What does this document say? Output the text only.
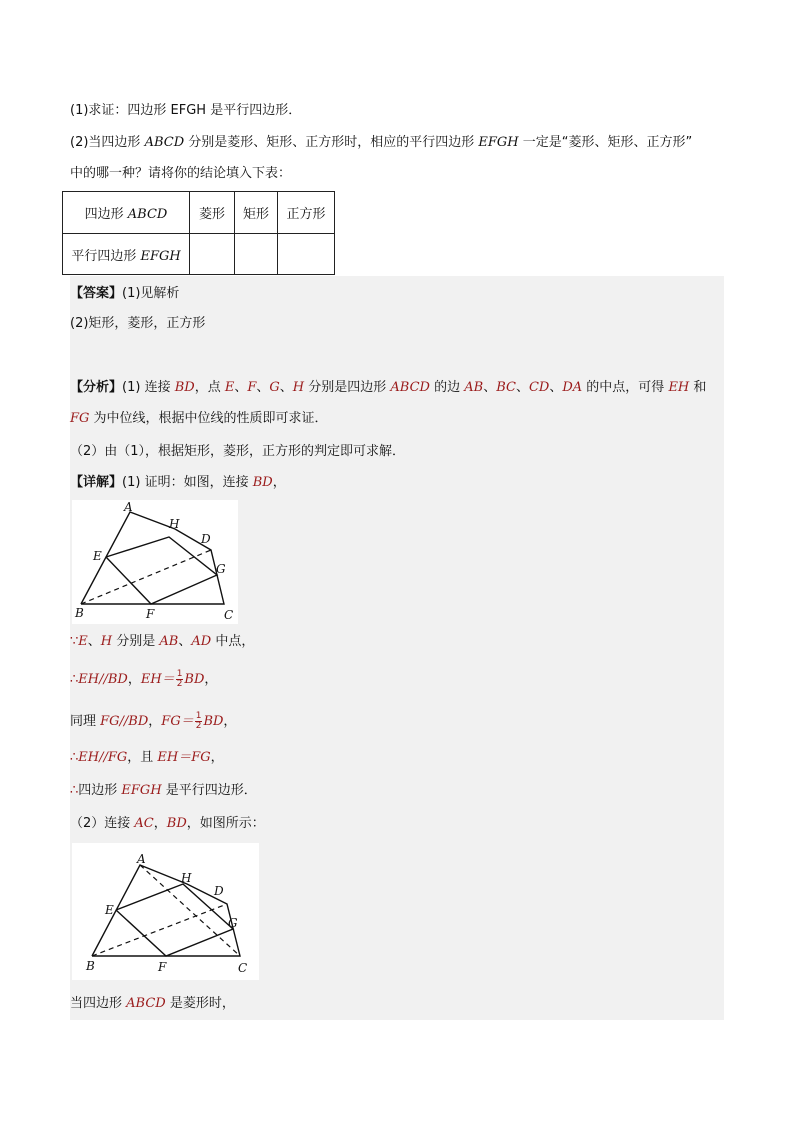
(1)求证：四边形 EFGH 是平行四边形．
(2)当四边形 ABCD 分别是菱形、矩形、正方形时，相应的平行四边形 EFGH 一定是“菱形、矩形、正方形”
中的哪一种？请将你的结论填入下表：
四边形 ABCD	菱形	矩形	正方形
平行四边形 EFGH			
【答案】(1)见解析
(2)矩形，菱形，正方形
【分析】(1) 连接 BD，点 E、F、G、H 分别是四边形 ABCD 的边 AB、BC、CD、DA 的中点，可得 EH 和
FG 为中位线，根据中位线的性质即可求证．
（2）由（1），根据矩形，菱形，正方形的判定即可求解．
【详解】(1) 证明：如图，连接 BD，
A
B	C
D
E
F
G
H
∵E、H 分别是 AB、AD 中点，
∴EH//BD，$EH= \frac{1}{2}$ BD，
同理 FG//BD，$FG= \frac{1}{2}$ BD，
∴EH//FG，且 EH＝FG，
∴四边形 EFGH 是平行四边形．
（2）连接 AC，BD，如图所示：
A
B	C
D
E
F
G
H
当四边形 ABCD 是菱形时，
